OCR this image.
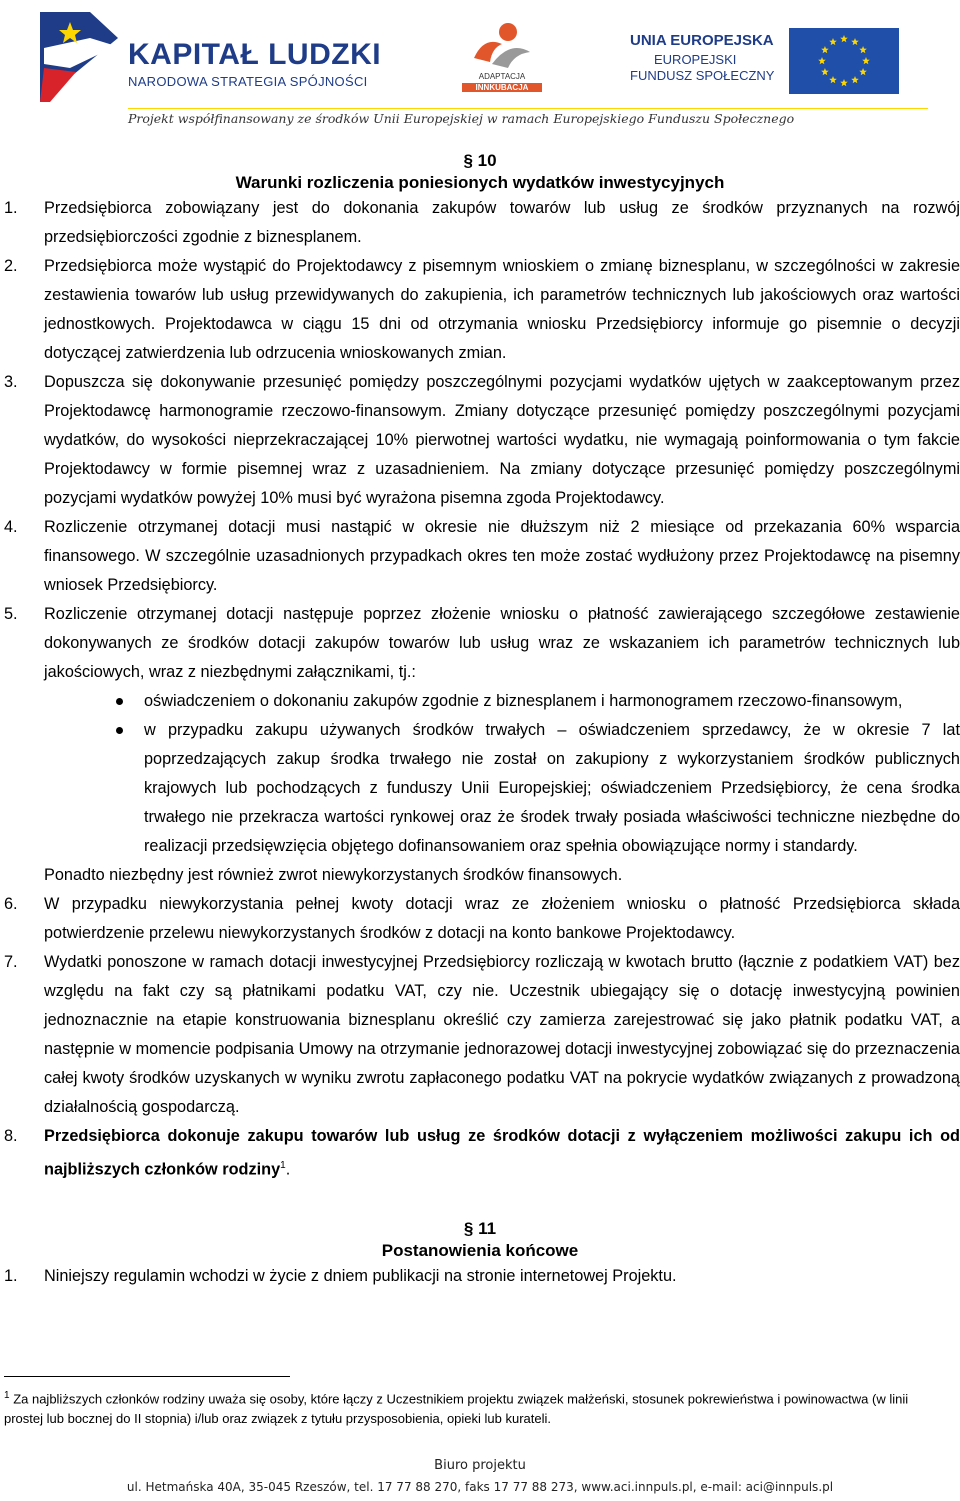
KAPITAŁ LUDZKI
NARODOWA STRATEGIA SPÓJNOŚCI	ADAPTACJA
INNKUBACJA
UNIA EUROPEJSKA
EUROPEJSKI
FUNDUSZ SPOŁECZNY
Projekt współfinansowany ze środków Unii Europejskiej w ramach Europejskiego Funduszu Społecznego
§ 10
Warunki rozliczenia poniesionych wydatków inwestycyjnych
1. Przedsiębiorca zobowiązany jest do dokonania zakupów towarów lub usług ze środków przyznanych na rozwój przedsiębiorczości zgodnie z biznesplanem.
2. Przedsiębiorca może wystąpić do Projektodawcy z pisemnym wnioskiem o zmianę biznesplanu, w szczególności w zakresie zestawienia towarów lub usług przewidywanych do zakupienia, ich parametrów technicznych lub jakościowych oraz wartości jednostkowych. Projektodawca w ciągu 15 dni od otrzymania wniosku Przedsiębiorcy informuje go pisemnie o decyzji dotyczącej zatwierdzenia lub odrzucenia wnioskowanych zmian.
3. Dopuszcza się dokonywanie przesunięć pomiędzy poszczególnymi pozycjami wydatków ujętych w zaakceptowanym przez Projektodawcę harmonogramie rzeczowo-finansowym. Zmiany dotyczące przesunięć pomiędzy poszczególnymi pozycjami wydatków, do wysokości nieprzekraczającej 10% pierwotnej wartości wydatku, nie wymagają poinformowania o tym fakcie Projektodawcy w formie pisemnej wraz z uzasadnieniem. Na zmiany dotyczące przesunięć pomiędzy poszczególnymi pozycjami wydatków powyżej 10% musi być wyrażona pisemna zgoda Projektodawcy.
4. Rozliczenie otrzymanej dotacji musi nastąpić w okresie nie dłuższym niż 2 miesiące od przekazania 60% wsparcia finansowego. W szczególnie uzasadnionych przypadkach okres ten może zostać wydłużony przez Projektodawcę na pisemny wniosek Przedsiębiorcy.
5. Rozliczenie otrzymanej dotacji następuje poprzez złożenie wniosku o płatność zawierającego szczegółowe zestawienie dokonywanych ze środków dotacji zakupów towarów lub usług wraz ze wskazaniem ich parametrów technicznych lub jakościowych, wraz z niezbędnymi załącznikami, tj.:
oświadczeniem o dokonaniu zakupów zgodnie z biznesplanem i harmonogramem rzeczowo-finansowym,
w przypadku zakupu używanych środków trwałych – oświadczeniem sprzedawcy, że w okresie 7 lat poprzedzających zakup środka trwałego nie został on zakupiony z wykorzystaniem środków publicznych krajowych lub pochodzących z funduszy Unii Europejskiej; oświadczeniem Przedsiębiorcy, że cena środka trwałego nie przekracza wartości rynkowej oraz że środek trwały posiada właściwości techniczne niezbędne do realizacji przedsięwzięcia objętego dofinansowaniem oraz spełnia obowiązujące normy i standardy.
Ponadto niezbędny jest również zwrot niewykorzystanych środków finansowych.
6. W przypadku niewykorzystania pełnej kwoty dotacji wraz ze złożeniem wniosku o płatność Przedsiębiorca składa potwierdzenie przelewu niewykorzystanych środków z dotacji na konto bankowe Projektodawcy.
7. Wydatki ponoszone w ramach dotacji inwestycyjnej Przedsiębiorcy rozliczają w kwotach brutto (łącznie z podatkiem VAT) bez względu na fakt czy są płatnikami podatku VAT, czy nie. Uczestnik ubiegający się o dotację inwestycyjną powinien jednoznacznie na etapie konstruowania biznesplanu określić czy zamierza zarejestrować się jako płatnik podatku VAT, a następnie w momencie podpisania Umowy na otrzymanie jednorazowej dotacji inwestycyjnej zobowiązać się do przeznaczenia całej kwoty środków uzyskanych w wyniku zwrotu zapłaconego podatku VAT na pokrycie wydatków związanych z prowadzoną działalnością gospodarczą.
8. Przedsiębiorca dokonuje zakupu towarów lub usług ze środków dotacji z wyłączeniem możliwości zakupu ich od najbliższych członków rodziny$^1$.
§ 11
Postanowienia końcowe
1. Niniejszy regulamin wchodzi w życie z dniem publikacji na stronie internetowej Projektu.
$^1$ Za najbliższych członków rodziny uważa się osoby, które łączy z Uczestnikiem projektu związek małżeński, stosunek pokrewieństwa i powinowactwa (w linii prostej lub bocznej do II stopnia) i/lub oraz związek z tytułu przysposobienia, opieki lub kurateli.
Biuro projektu
ul. Hetmańska 40A, 35-045 Rzeszów, tel. 17 77 88 270, faks 17 77 88 273, www.aci.innpuls.pl, e-mail: aci@innpuls.pl
